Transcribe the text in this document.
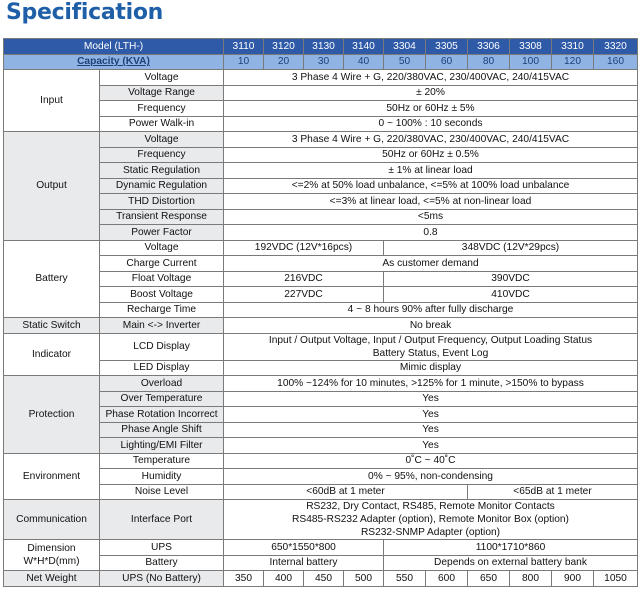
Specification
Model (LTH-)		3110	3120	3130	3140	3304	3305	3306	3308	3310	3320
Capacity (KVA)		10	20	30	40	50	60	80	100	120	160
Input	Voltage	3 Phase 4 Wire + G, 220/380VAC, 230/400VAC, 240/415VAC									
	Voltage Range	± 20%									
	Frequency	50Hz or 60Hz ± 5%									
	Power Walk-in	0 ~ 100% : 10 seconds									
Output	Voltage	3 Phase 4 Wire + G, 220/380VAC, 230/400VAC, 240/415VAC									
	Frequency	50Hz or 60Hz ± 0.5%									
	Static Regulation	± 1% at linear load									
	Dynamic Regulation	<=2% at 50% load unbalance, <=5% at 100% load unbalance									
	THD Distortion	<=3% at linear load, <=5% at non-linear load									
	Transient Response	<5ms									
	Power Factor	0.8									
Battery	Voltage	192VDC (12V*16pcs)				348VDC (12V*29pcs)					
	Charge Current	As customer demand									
	Float Voltage	216VDC				390VDC					
	Boost Voltage	227VDC				410VDC					
	Recharge Time	4 ~ 8 hours 90% after fully discharge									
Static Switch	Main <-> Inverter	No break									
Indicator	LCD Display	Input / Output Voltage, Input / Output Frequency, Output Loading Status
Battery Status, Event Log									

	LED Display	Mimic display									
Protection	Overload	100% ~124% for 10 minutes, >125% for 1 minute, >150% to bypass									
	Over Temperature	Yes									
	Phase Rotation Incorrect	Yes									
	Phase Angle Shift	Yes									
	Lighting/EMI Filter	Yes									
Environment	Temperature	0˚C ~ 40˚C									
	Humidity	0% ~ 95%, non-condensing									
	Noise Level	<60dB at 1 meter						<65dB at 1 meter			
Communication	Interface Port	RS232, Dry Contact, RS485, Remote Monitor Contacts
RS485-RS232 Adapter (option), Remote Monitor Box (option)
RS232-SNMP Adapter (option)									

Dimension
W*H*D(mm)	UPS	650*1550*800				1100*1710*860					
	Battery	Internal battery				Depends on external battery bank					
Net Weight	UPS (No Battery)	350	400	450	500	550	600	650	800	900	1050
